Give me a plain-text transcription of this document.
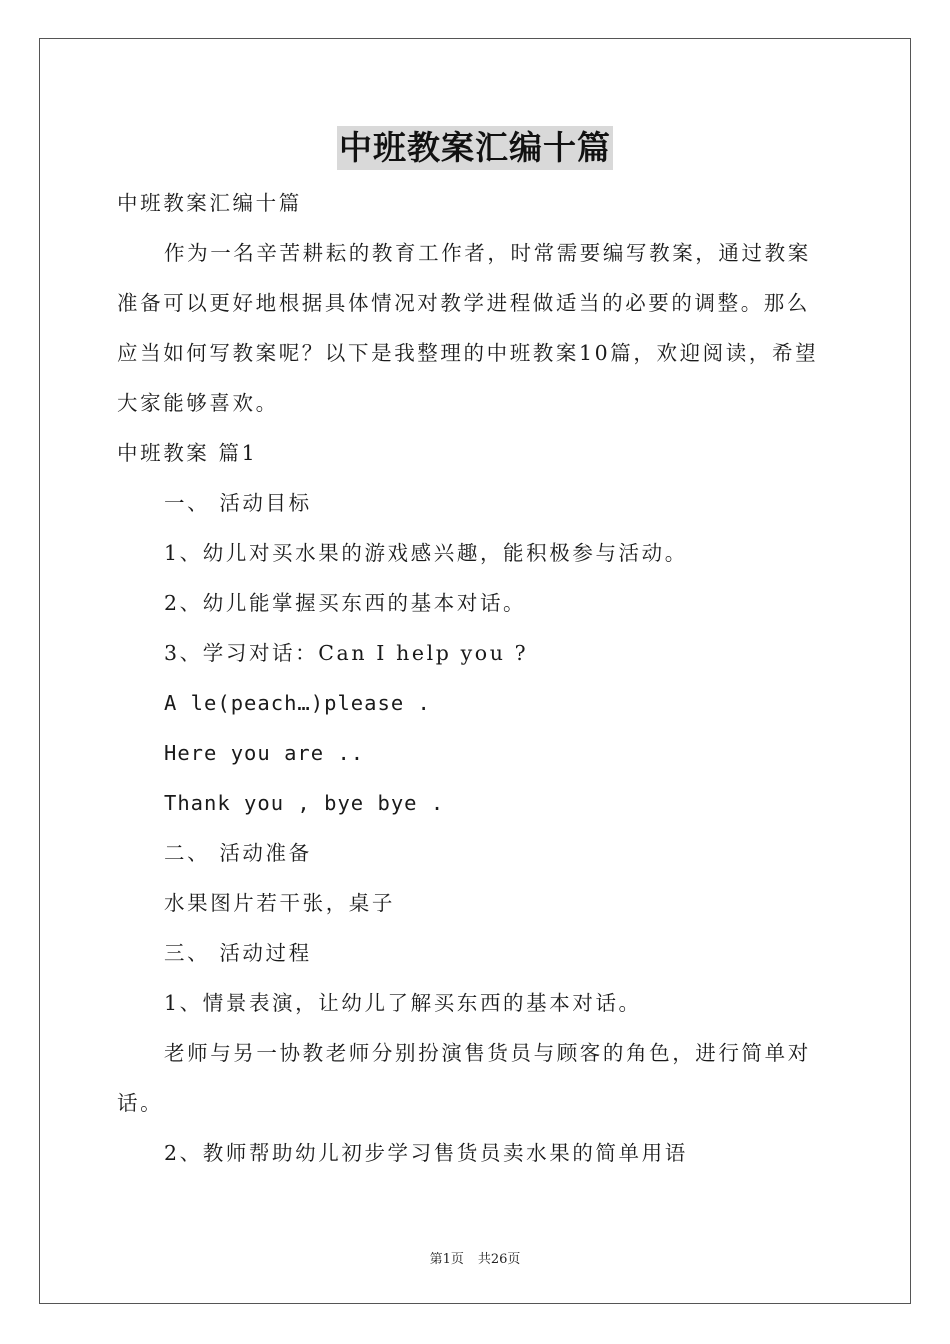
中班教案汇编十篇

中班教案汇编十篇

作为一名辛苦耕耘的教育工作者，时常需要编写教案，通过教案准备可以更好地根据具体情况对教学进程做适当的必要的调整。那么应当如何写教案呢？以下是我整理的中班教案10篇，欢迎阅读，希望大家能够喜欢。

中班教案 篇1

一、 活动目标

1、幼儿对买水果的游戏感兴趣，能积极参与活动。

2、幼儿能掌握买东西的基本对话。

3、学习对话：Can I help you ?

A le(peach…)please .

Here you are ..

Thank you , bye bye .

二、 活动准备

水果图片若干张，桌子

三、 活动过程

1、情景表演，让幼儿了解买东西的基本对话。

老师与另一协教老师分别扮演售货员与顾客的角色，进行简单对话。

2、教师帮助幼儿初步学习售货员卖水果的简单用语

第1页 共26页
